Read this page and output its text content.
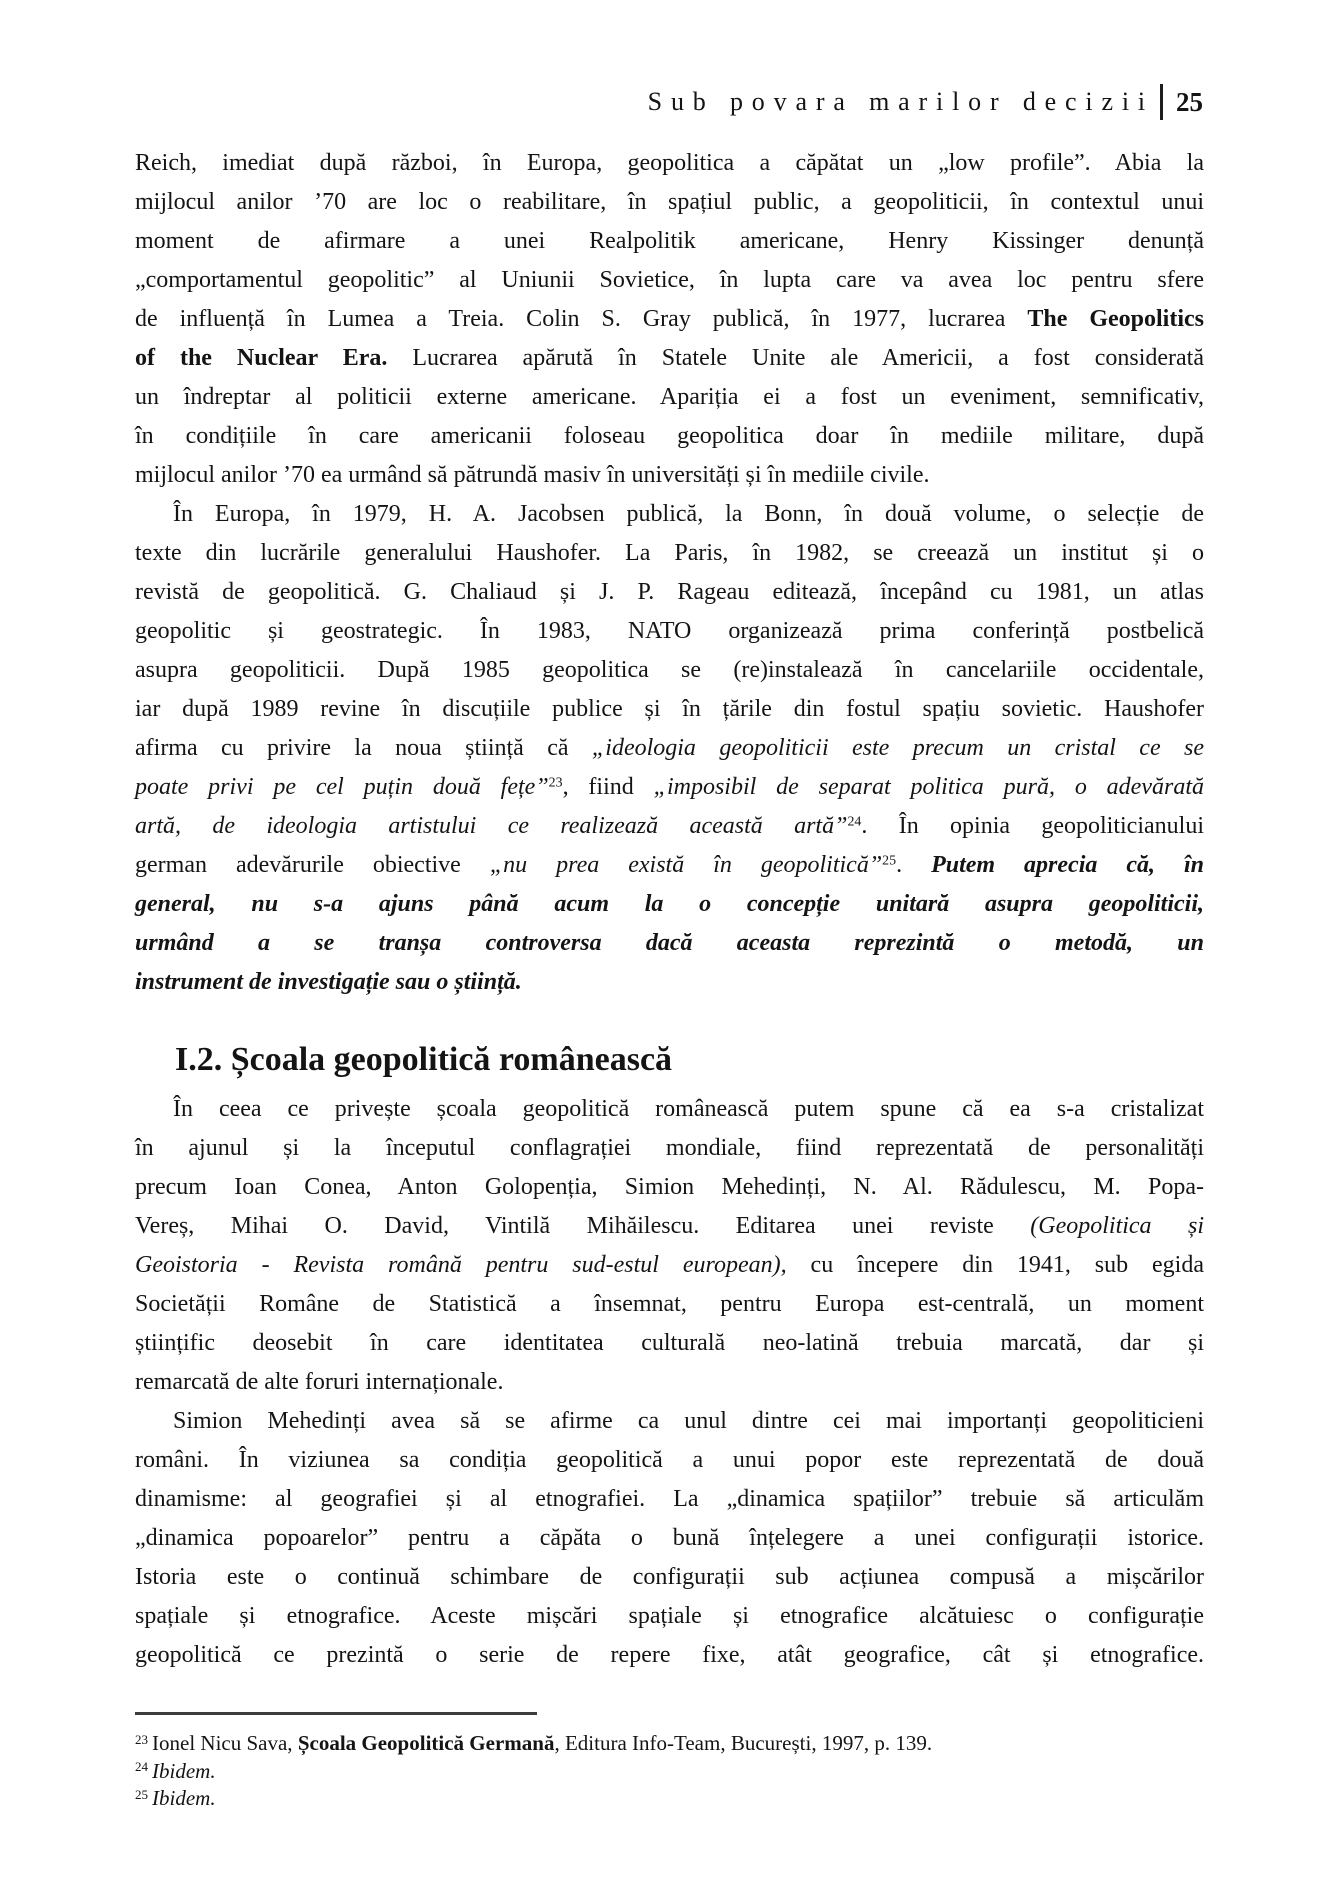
Sub povara marilor decizii 25
Reich, imediat după război, în Europa, geopolitica a căpătat un „low profile”. Abia la
mijlocul anilor ’70 are loc o reabilitare, în spațiul public, a geopoliticii, în contextul unui
moment de afirmare a unei Realpolitik americane, Henry Kissinger denunță
„comportamentul geopolitic” al Uniunii Sovietice, în lupta care va avea loc pentru sfere
de influență în Lumea a Treia. Colin S. Gray publică, în 1977, lucrarea The Geopolitics
of the Nuclear Era. Lucrarea apărută în Statele Unite ale Americii, a fost considerată
un îndreptar al politicii externe americane. Apariția ei a fost un eveniment, semnificativ,
în condițiile în care americanii foloseau geopolitica doar în mediile militare, după
mijlocul anilor ’70 ea urmând să pătrundă masiv în universități și în mediile civile.
În Europa, în 1979, H. A. Jacobsen publică, la Bonn, în două volume, o selecție de
texte din lucrările generalului Haushofer. La Paris, în 1982, se creează un institut și o
revistă de geopolitică. G. Chaliaud și J. P. Rageau editează, începând cu 1981, un atlas
geopolitic și geostrategic. În 1983, NATO organizează prima conferință postbelică
asupra geopoliticii. După 1985 geopolitica se (re)instalează în cancelariile occidentale,
iar după 1989 revine în discuțiile publice și în țările din fostul spațiu sovietic. Haushofer
afirma cu privire la noua știință că „ideologia geopoliticii este precum un cristal ce se
poate privi pe cel puțin două fețe”$^{23}$, fiind „imposibil de separat politica pură, o adevărată
artă, de ideologia artistului ce realizează această artă”$^{24}$. În opinia geopoliticianului
german adevărurile obiective „nu prea există în geopolitică”$^{25}$. Putem aprecia că, în
general, nu s-a ajuns până acum la o concepție unitară asupra geopoliticii,
urmând a se tranșa controversa dacă aceasta reprezintă o metodă, un
instrument de investigație sau o știință.
I.2. Școala geopolitică românească
În ceea ce privește școala geopolitică românească putem spune că ea s-a cristalizat
în ajunul și la începutul conflagrației mondiale, fiind reprezentată de personalități
precum Ioan Conea, Anton Golopenția, Simion Mehedinți, N. Al. Rădulescu, M. Popa-
Vereș, Mihai O. David, Vintilă Mihăilescu. Editarea unei reviste (Geopolitica și
Geoistoria - Revista română pentru sud-estul european), cu începere din 1941, sub egida
Societății Române de Statistică a însemnat, pentru Europa est-centrală, un moment
științific deosebit în care identitatea culturală neo-latină trebuia marcată, dar și
remarcată de alte foruri internaționale.
Simion Mehedinți avea să se afirme ca unul dintre cei mai importanți geopoliticieni
români. În viziunea sa condiția geopolitică a unui popor este reprezentată de două
dinamisme: al geografiei și al etnografiei. La „dinamica spațiilor” trebuie să articulăm
„dinamica popoarelor” pentru a căpăta o bună înțelegere a unei configurații istorice.
Istoria este o continuă schimbare de configurații sub acțiunea compusă a mișcărilor
spațiale și etnografice. Aceste mișcări spațiale și etnografice alcătuiesc o configurație
geopolitică ce prezintă o serie de repere fixe, atât geografice, cât și etnografice.
$^{23}$ Ionel Nicu Sava, Școala Geopolitică Germană, Editura Info-Team, București, 1997, p. 139.
$^{24}$ Ibidem.
$^{25}$ Ibidem.
